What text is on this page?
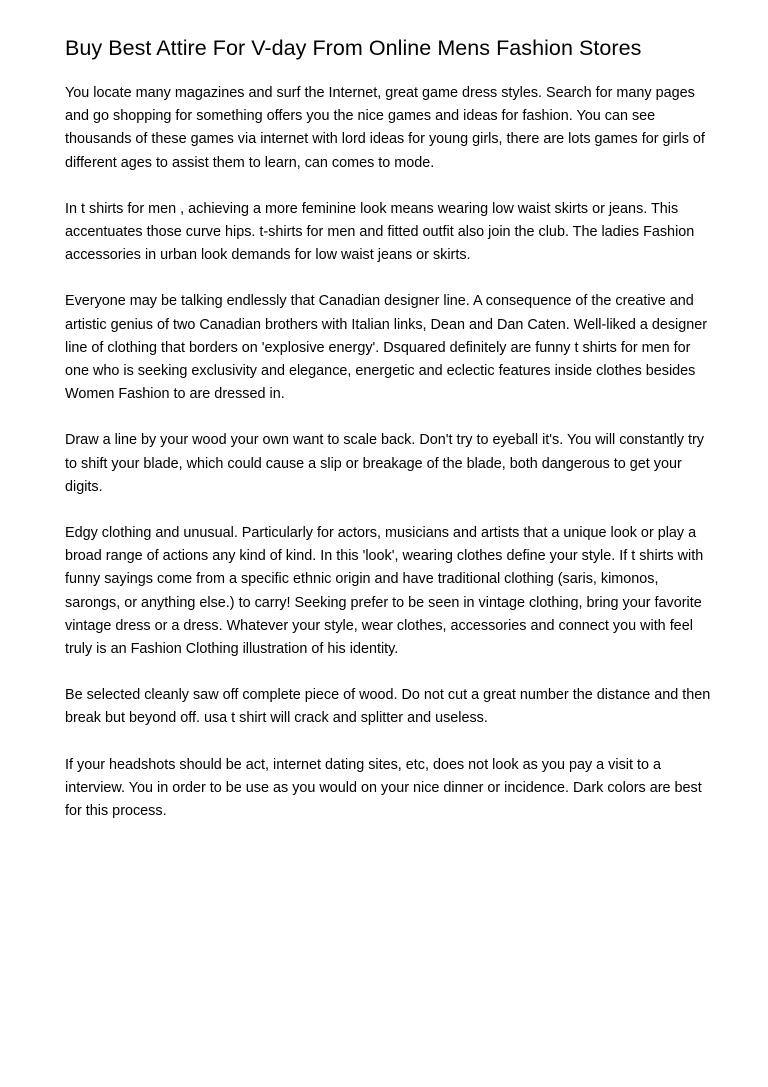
Buy Best Attire For V-day From Online Mens Fashion Stores

You locate many magazines and surf the Internet, great game dress styles. Search for many pages and go shopping for something offers you the nice games and ideas for fashion. You can see thousands of these games via internet with lord ideas for young girls, there are lots games for girls of different ages to assist them to learn, can comes to mode.

In t shirts for men , achieving a more feminine look means wearing low waist skirts or jeans. This accentuates those curve hips. t-shirts for men and fitted outfit also join the club. The ladies Fashion accessories in urban look demands for low waist jeans or skirts.

Everyone may be talking endlessly that Canadian designer line. A consequence of the creative and artistic genius of two Canadian brothers with Italian links, Dean and Dan Caten. Well-liked a designer line of clothing that borders on 'explosive energy'. Dsquared definitely are funny t shirts for men for one who is seeking exclusivity and elegance, energetic and eclectic features inside clothes besides Women Fashion to are dressed in.

Draw a line by your wood your own want to scale back. Don't try to eyeball it's. You will constantly try to shift your blade, which could cause a slip or breakage of the blade, both dangerous to get your digits.

Edgy clothing and unusual. Particularly for actors, musicians and artists that a unique look or play a broad range of actions any kind of kind. In this 'look', wearing clothes define your style. If t shirts with funny sayings come from a specific ethnic origin and have traditional clothing (saris, kimonos, sarongs, or anything else.) to carry! Seeking prefer to be seen in vintage clothing, bring your favorite vintage dress or a dress. Whatever your style, wear clothes, accessories and connect you with feel truly is an Fashion Clothing illustration of his identity.

Be selected cleanly saw off complete piece of wood. Do not cut a great number the distance and then break but beyond off. usa t shirt will crack and splitter and useless.

If your headshots should be act, internet dating sites, etc, does not look as you pay a visit to a interview. You in order to be use as you would on your nice dinner or incidence. Dark colors are best for this process.
